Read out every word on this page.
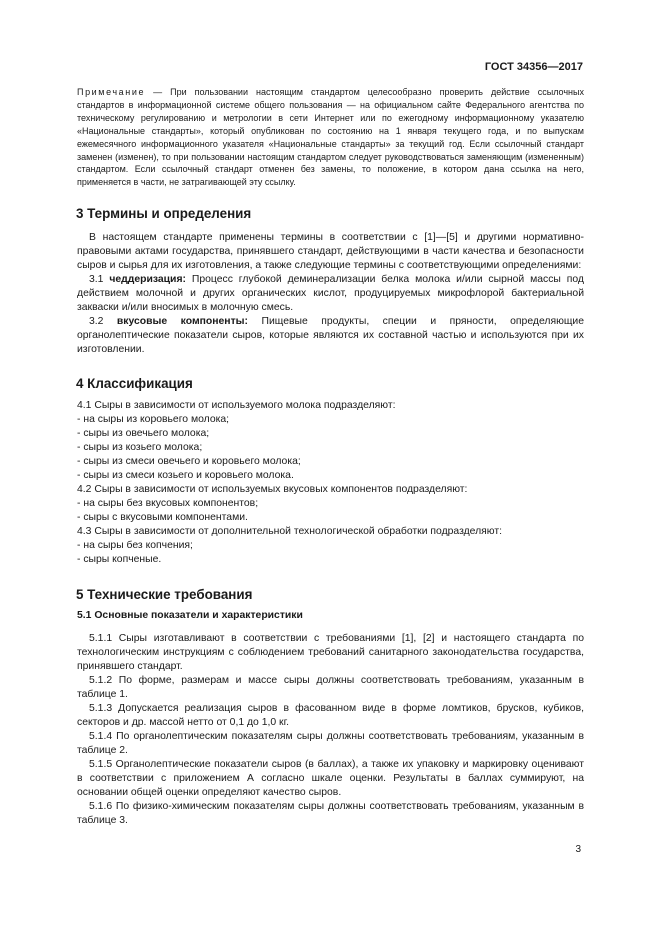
ГОСТ 34356—2017

Примечание — При пользовании настоящим стандартом целесообразно проверить действие ссылочных стандартов в информационной системе общего пользования — на официальном сайте Федерального агентства по техническому регулированию и метрологии в сети Интернет или по ежегодному информационному указателю «Национальные стандарты», который опубликован по состоянию на 1 января текущего года, и по выпускам ежемесячного информационного указателя «Национальные стандарты» за текущий год. Если ссылочный стандарт заменен (изменен), то при пользовании настоящим стандартом следует руководствоваться заменяющим (измененным) стандартом. Если ссылочный стандарт отменен без замены, то положение, в котором дана ссылка на него, применяется в части, не затрагивающей эту ссылку.

3 Термины и определения

В настоящем стандарте применены термины в соответствии с [1]—[5] и другими нормативно-правовыми актами государства, принявшего стандарт, действующими в части качества и безопасности сыров и сырья для их изготовления, а также следующие термины с соответствующими определениями:

3.1 чеддеризация: Процесс глубокой деминерализации белка молока и/или сырной массы под действием молочной и других органических кислот, продуцируемых микрофлорой бактериальной закваски и/или вносимых в молочную смесь.

3.2 вкусовые компоненты: Пищевые продукты, специи и пряности, определяющие органолептические показатели сыров, которые являются их составной частью и используются при их изготовлении.

4 Классификация

4.1 Сыры в зависимости от используемого молока подразделяют:

- на сыры из коровьего молока;

- сыры из овечьего молока;

- сыры из козьего молока;

- сыры из смеси овечьего и коровьего молока;

- сыры из смеси козьего и коровьего молока.

4.2 Сыры в зависимости от используемых вкусовых компонентов подразделяют:

- на сыры без вкусовых компонентов;

- сыры с вкусовыми компонентами.

4.3 Сыры в зависимости от дополнительной технологической обработки подразделяют:

- на сыры без копчения;

- сыры копченые.

5 Технические требования
5.1 Основные показатели и характеристики

5.1.1 Сыры изготавливают в соответствии с требованиями [1], [2] и настоящего стандарта по технологическим инструкциям с соблюдением требований санитарного законодательства государства, принявшего стандарт.

5.1.2 По форме, размерам и массе сыры должны соответствовать требованиям, указанным в таблице 1.

5.1.3 Допускается реализация сыров в фасованном виде в форме ломтиков, брусков, кубиков, секторов и др. массой нетто от 0,1 до 1,0 кг.

5.1.4 По органолептическим показателям сыры должны соответствовать требованиям, указанным в таблице 2.

5.1.5 Органолептические показатели сыров (в баллах), а также их упаковку и маркировку оценивают в соответствии с приложением А согласно шкале оценки. Результаты в баллах суммируют, на основании общей оценки определяют качество сыров.

5.1.6 По физико-химическим показателям сыры должны соответствовать требованиям, указанным в таблице 3.

3
